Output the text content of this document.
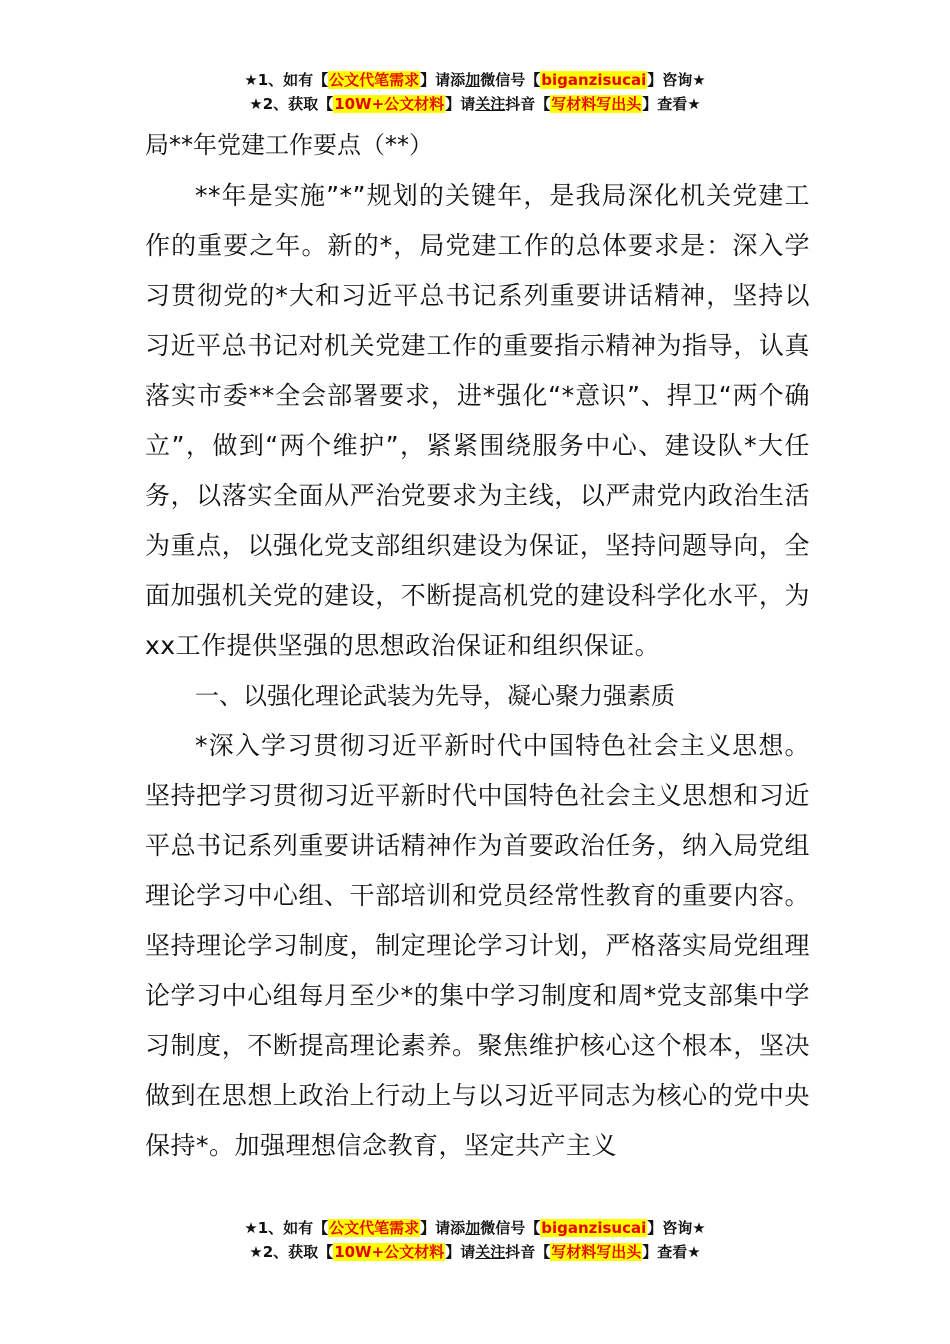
★1、如有【公文代笔需求】请添加微信号【biganzisucai】咨询★
★2、获取【10W+公文材料】请关注抖音【写材料写出头】查看★
局**年党建工作要点（**）

**年是实施”*”规划的关键年，是我局深化机关党建工作的重要之年。新的*，局党建工作的总体要求是：深入学习贯彻党的*大和习近平总书记系列重要讲话精神，坚持以习近平总书记对机关党建工作的重要指示精神为指导，认真落实市委**全会部署要求，进*强化“*意识”、捍卫“两个确立”，做到“两个维护”，紧紧围绕服务中心、建设队*大任务，以落实全面从严治党要求为主线，以严肃党内政治生活为重点，以强化党支部组织建设为保证，坚持问题导向，全面加强机关党的建设，不断提高机党的建设科学化水平，为xx工作提供坚强的思想政治保证和组织保证。

一、以强化理论武装为先导，凝心聚力强素质

*深入学习贯彻习近平新时代中国特色社会主义思想。坚持把学习贯彻习近平新时代中国特色社会主义思想和习近平总书记系列重要讲话精神作为首要政治任务，纳入局党组理论学习中心组、干部培训和党员经常性教育的重要内容。坚持理论学习制度，制定理论学习计划，严格落实局党组理论学习中心组每月至少*的集中学习制度和周*党支部集中学习制度，不断提高理论素养。聚焦维护核心这个根本，坚决做到在思想上政治上行动上与以习近平同志为核心的党中央保持*。加强理想信念教育，坚定共产主义

★1、如有【公文代笔需求】请添加微信号【biganzisucai】咨询★
★2、获取【10W+公文材料】请关注抖音【写材料写出头】查看★
